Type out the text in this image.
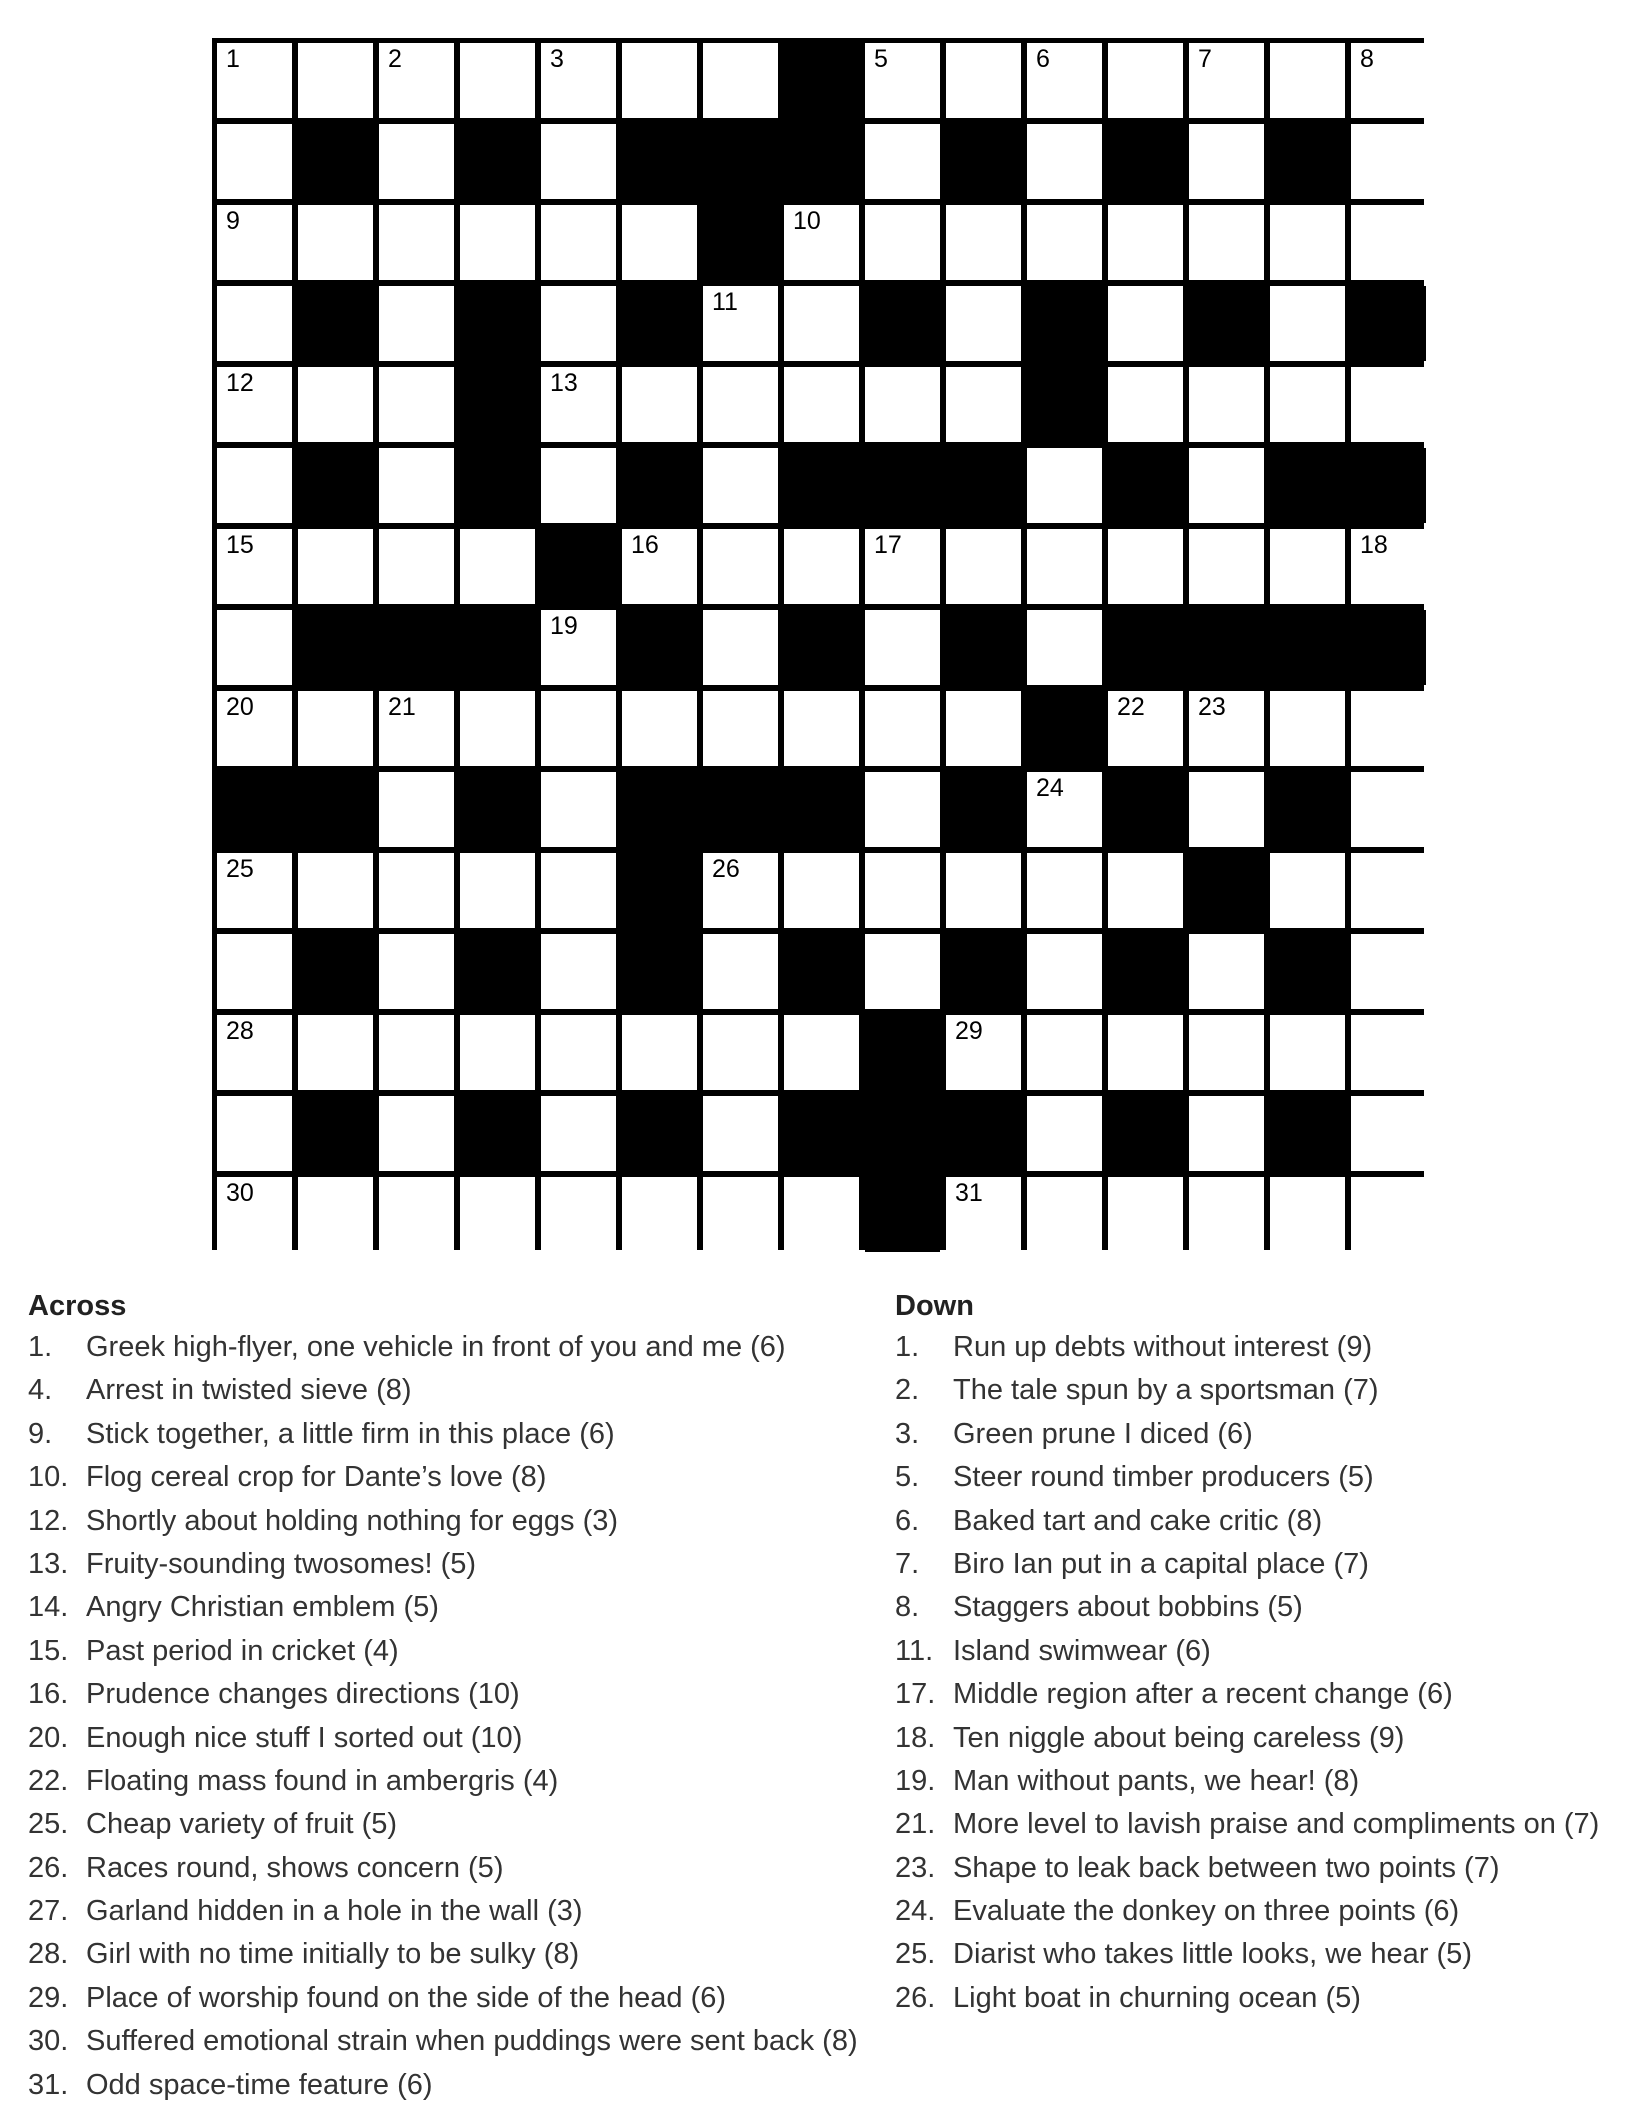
1	2	3	5	6	7	8
9	10
11
12	13
15	16	17	18
19
20	21	22 23
24
25	26
28	29
30	31
Across
1. Greek high-flyer, one vehicle in front of you and me (6)
4. Arrest in twisted sieve (8)
9. Stick together, a little firm in this place (6)
10. Flog cereal crop for Dante’s love (8)
12. Shortly about holding nothing for eggs (3)
13. Fruity-sounding twosomes! (5)
14. Angry Christian emblem (5)
15. Past period in cricket (4)
16. Prudence changes directions (10)
20. Enough nice stuff I sorted out (10)
22. Floating mass found in ambergris (4)
25. Cheap variety of fruit (5)
26. Races round, shows concern (5)
27. Garland hidden in a hole in the wall (3)
28. Girl with no time initially to be sulky (8)
29. Place of worship found on the side of the head (6)
30. Suffered emotional strain when puddings were sent back (8)
31. Odd space-time feature (6)
Down
1. Run up debts without interest (9)
2. The tale spun by a sportsman (7)
3. Green prune I diced (6)
5. Steer round timber producers (5)
6. Baked tart and cake critic (8)
7. Biro Ian put in a capital place (7)
8. Staggers about bobbins (5)
11. Island swimwear (6)
17. Middle region after a recent change (6)
18. Ten niggle about being careless (9)
19. Man without pants, we hear! (8)
21. More level to lavish praise and compliments on (7)
23. Shape to leak back between two points (7)
24. Evaluate the donkey on three points (6)
25. Diarist who takes little looks, we hear (5)
26. Light boat in churning ocean (5)
